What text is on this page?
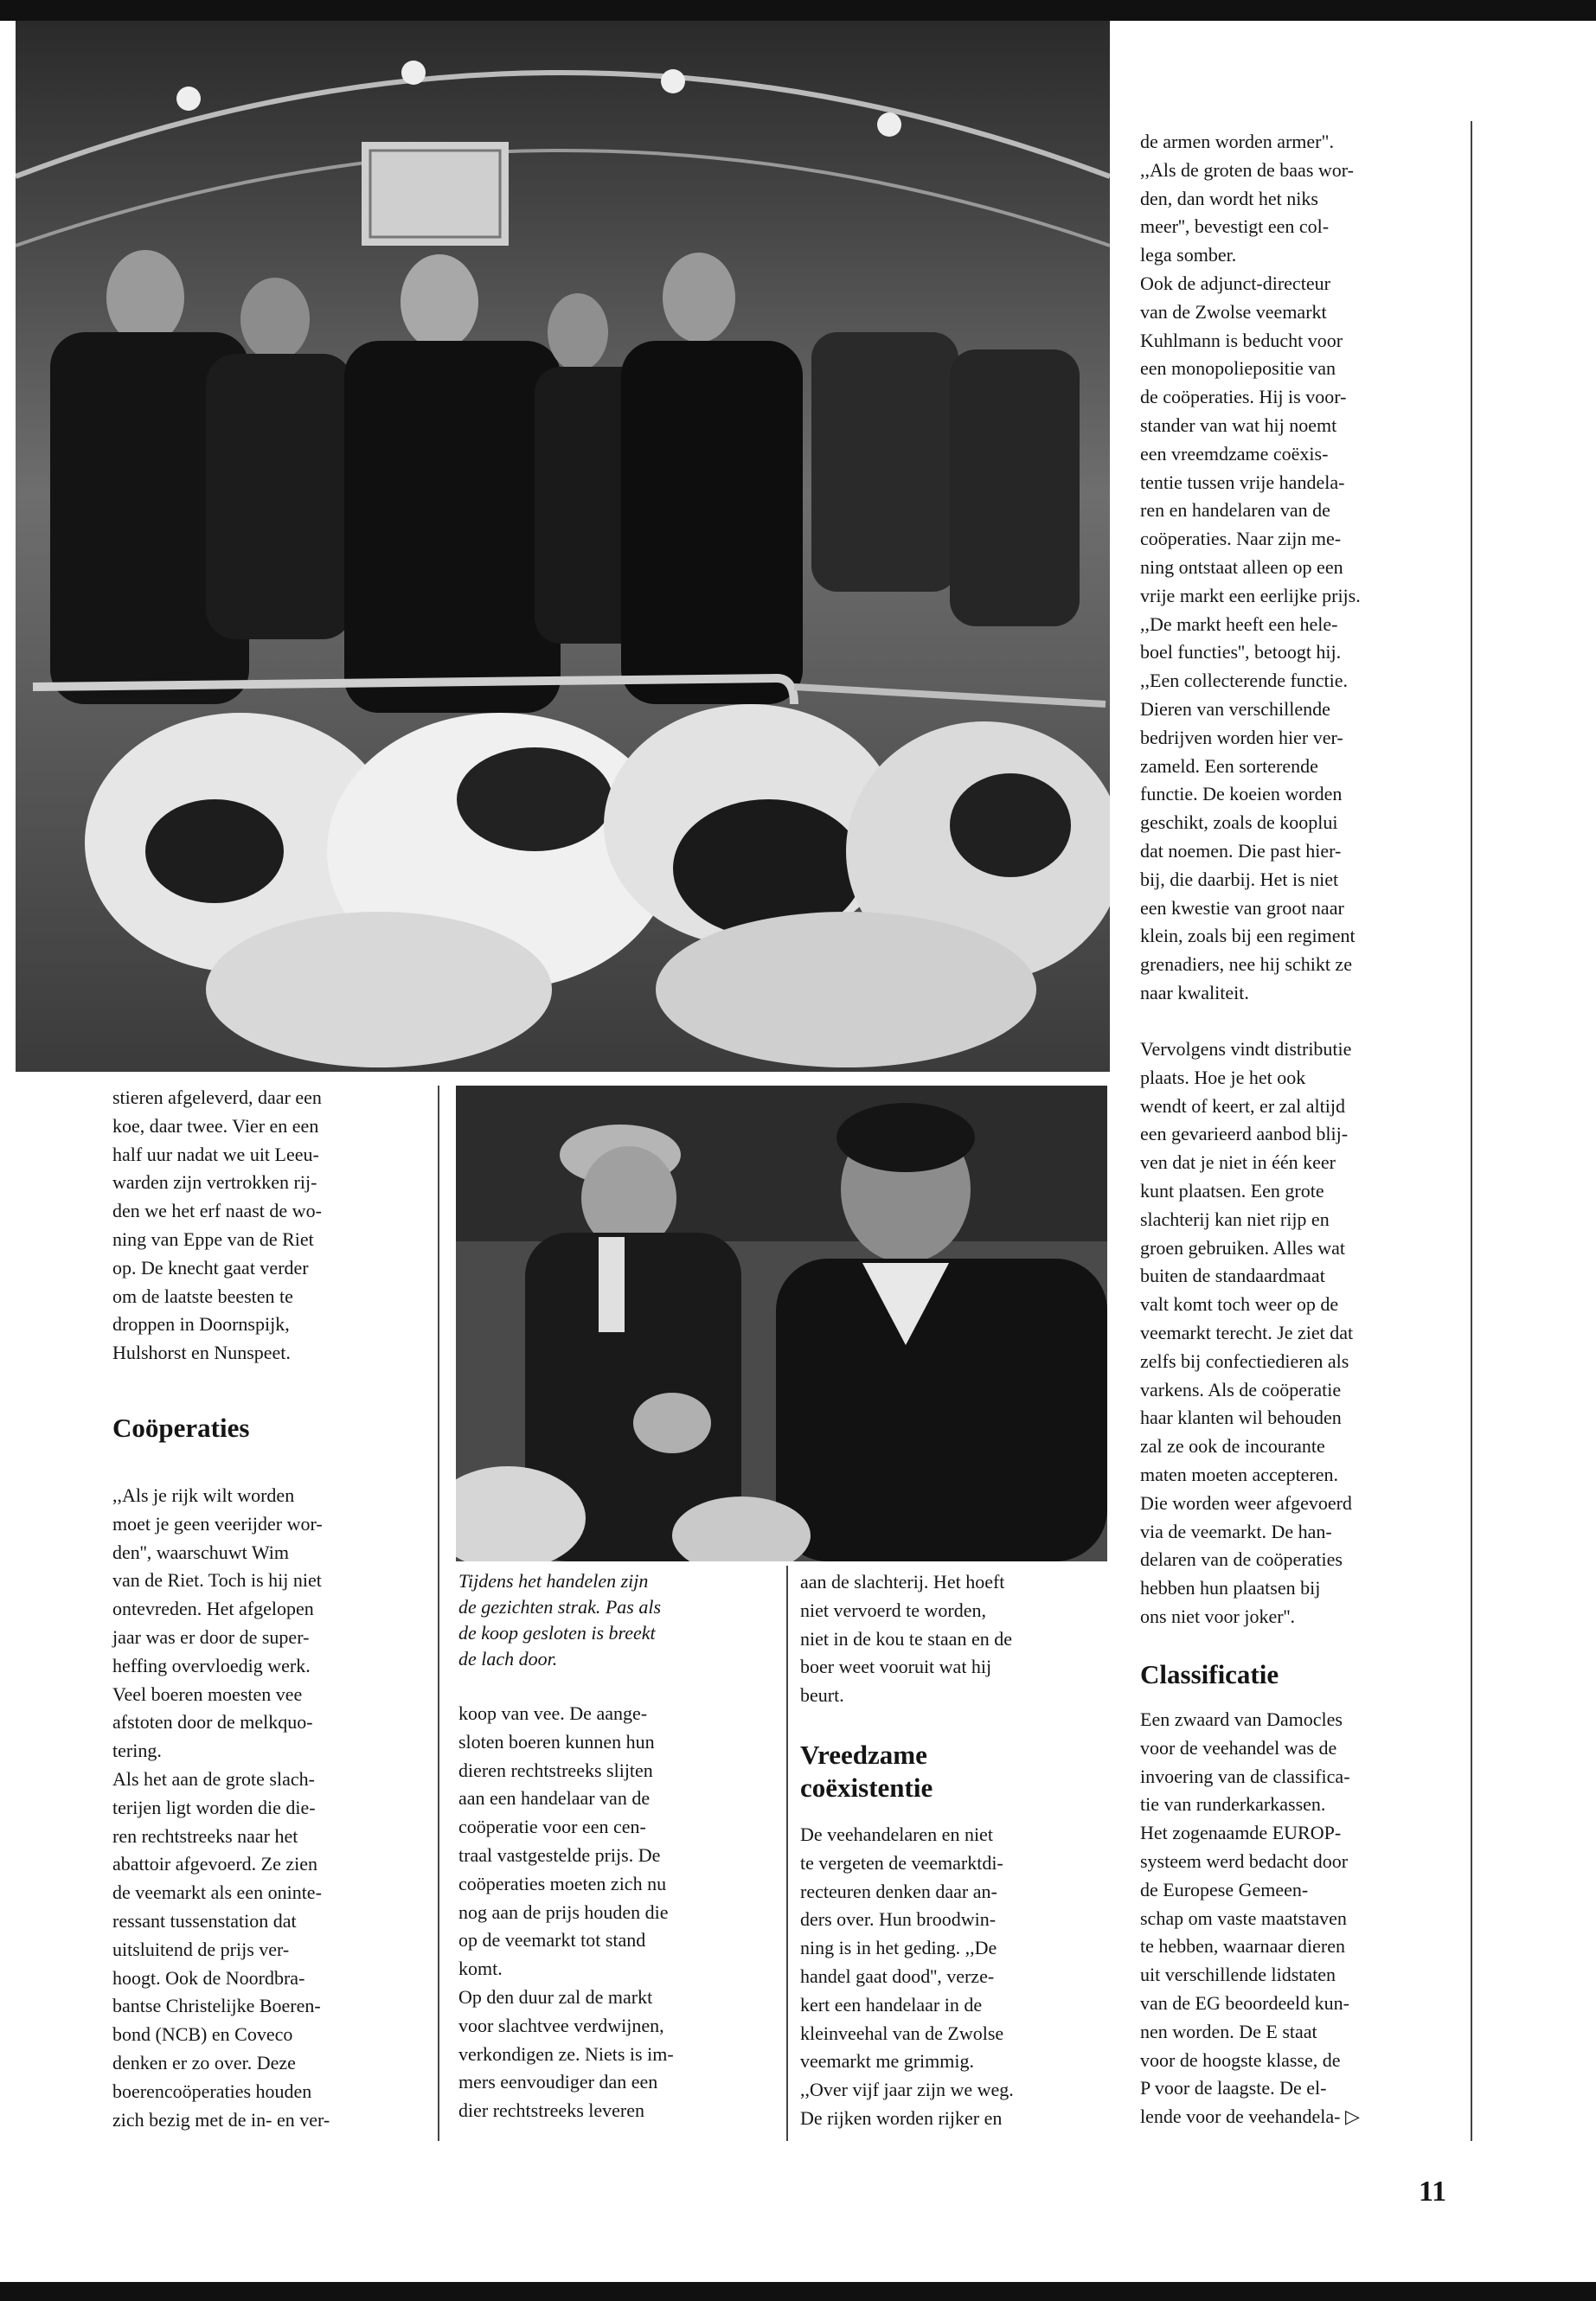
de armen worden armer".
,,Als de groten de baas wor-
den, dan wordt het niks
meer'', bevestigt een col-
lega somber.
Ook de adjunct-directeur
van de Zwolse veemarkt
Kuhlmann is beducht voor
een monopoliepositie van
de coöperaties. Hij is voor-
stander van wat hij noemt
een vreemdzame coëxis-
tentie tussen vrije handela-
ren en handelaren van de
coöperaties. Naar zijn me-
ning ontstaat alleen op een
vrije markt een eerlijke prijs.
,,De markt heeft een hele-
boel functies'', betoogt hij.
,,Een collecterende functie.
Dieren van verschillende
bedrijven worden hier ver-
zameld. Een sorterende
functie. De koeien worden
geschikt, zoals de kooplui
dat noemen. Die past hier-
bij, die daarbij. Het is niet
een kwestie van groot naar
klein, zoals bij een regiment
grenadiers, nee hij schikt ze
naar kwaliteit.

Vervolgens vindt distributie
plaats. Hoe je het ook
wendt of keert, er zal altijd
een gevarieerd aanbod blij-
ven dat je niet in één keer
kunt plaatsen. Een grote
slachterij kan niet rijp en
groen gebruiken. Alles wat
buiten de standaardmaat
valt komt toch weer op de
veemarkt terecht. Je ziet dat
zelfs bij confectiedieren als
varkens. Als de coöperatie
haar klanten wil behouden
zal ze ook de incourante
maten moeten accepteren.
Die worden weer afgevoerd
via de veemarkt. De han-
delaren van de coöperaties
hebben hun plaatsen bij
ons niet voor joker''.

Classificatie

Een zwaard van Damocles
voor de veehandel was de
invoering van de classifica-
tie van runderkarkassen.
Het zogenaamde EUROP-
systeem werd bedacht door
de Europese Gemeen-
schap om vaste maatstaven
te hebben, waarnaar dieren
uit verschillende lidstaten
van de EG beoordeeld kun-
nen worden. De E staat
voor de hoogste klasse, de
P voor de laagste. De el-
lende voor de veehandela- ▷

stieren afgeleverd, daar een
koe, daar twee. Vier en een
half uur nadat we uit Leeu-
warden zijn vertrokken rij-
den we het erf naast de wo-
ning van Eppe van de Riet
op. De knecht gaat verder
om de laatste beesten te
droppen in Doornspijk,
Hulshorst en Nunspeet.

Coöperaties

,,Als je rijk wilt worden
moet je geen veerijder wor-
den'', waarschuwt Wim
van de Riet. Toch is hij niet
ontevreden. Het afgelopen
jaar was er door de super-
heffing overvloedig werk.
Veel boeren moesten vee
afstoten door de melkquo-
tering.
Als het aan de grote slach-
terijen ligt worden die die-
ren rechtstreeks naar het
abattoir afgevoerd. Ze zien
de veemarkt als een oninte-
ressant tussenstation dat
uitsluitend de prijs ver-
hoogt. Ook de Noordbra-
bantse Christelijke Boeren-
bond (NCB) en Coveco
denken er zo over. Deze
boerencoöperaties houden
zich bezig met de in- en ver-

Tijdens het handelen zijn
de gezichten strak. Pas als
de koop gesloten is breekt
de lach door.

koop van vee. De aange-
sloten boeren kunnen hun
dieren rechtstreeks slijten
aan een handelaar van de
coöperatie voor een cen-
traal vastgestelde prijs. De
coöperaties moeten zich nu
nog aan de prijs houden die
op de veemarkt tot stand
komt.
Op den duur zal de markt
voor slachtvee verdwijnen,
verkondigen ze. Niets is im-
mers eenvoudiger dan een
dier rechtstreeks leveren

aan de slachterij. Het hoeft
niet vervoerd te worden,
niet in de kou te staan en de
boer weet vooruit wat hij
beurt.

Vreedzame
coëxistentie

De veehandelaren en niet
te vergeten de veemarktdi-
recteuren denken daar an-
ders over. Hun broodwin-
ning is in het geding. ,,De
handel gaat dood'', verze-
kert een handelaar in de
kleinveehal van de Zwolse
veemarkt me grimmig.
,,Over vijf jaar zijn we weg.
De rijken worden rijker en

11
